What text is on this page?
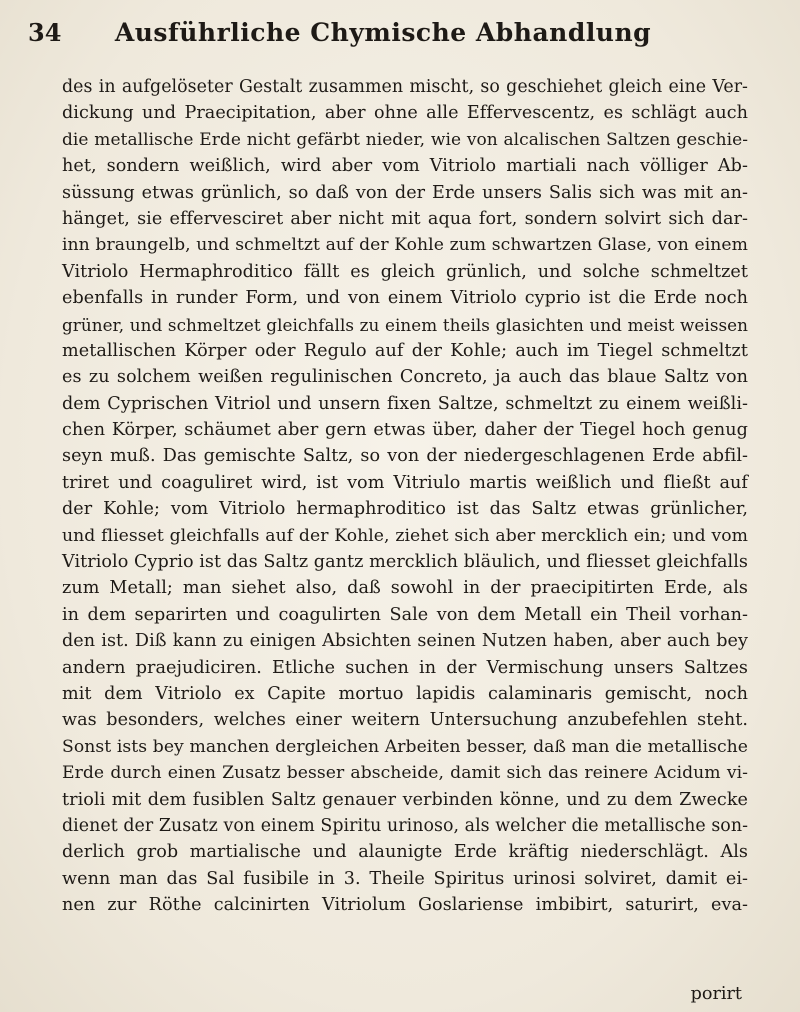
34	Ausführliche Chymische Abhandlung
des in aufgelöseter Gestalt zusammen mischt, so geschiehet gleich eine Ver-
dickung und Praecipitation, aber ohne alle Effervescentz, es schlägt auch
die metallische Erde nicht gefärbt nieder, wie von alcalischen Saltzen geschie-
het, sondern weißlich, wird aber vom Vitriolo martiali nach völliger Ab-
süssung etwas grünlich, so daß von der Erde unsers Salis sich was mit an-
hänget, sie effervesciret aber nicht mit aqua fort, sondern solvirt sich dar-
inn braungelb, und schmeltzt auf der Kohle zum schwartzen Glase, von einem
Vitriolo Hermaphroditico fällt es gleich grünlich, und solche schmeltzet
ebenfalls in runder Form, und von einem Vitriolo cyprio ist die Erde noch
grüner, und schmeltzet gleichfalls zu einem theils glasichten und meist weissen
metallischen Körper oder Regulo auf der Kohle; auch im Tiegel schmeltzt
es zu solchem weißen regulinischen Concreto, ja auch das blaue Saltz von
dem Cyprischen Vitriol und unsern fixen Saltze, schmeltzt zu einem weißli-
chen Körper, schäumet aber gern etwas über, daher der Tiegel hoch genug
seyn muß. Das gemischte Saltz, so von der niedergeschlagenen Erde abfil-
triret und coaguliret wird, ist vom Vitriulo martis weißlich und fließt auf
der Kohle; vom Vitriolo hermaphroditico ist das Saltz etwas grünlicher,
und fliesset gleichfalls auf der Kohle, ziehet sich aber mercklich ein; und vom
Vitriolo Cyprio ist das Saltz gantz mercklich bläulich, und fliesset gleichfalls
zum Metall; man siehet also, daß sowohl in der praecipitirten Erde, als
in dem separirten und coagulirten Sale von dem Metall ein Theil vorhan-
den ist. Diß kann zu einigen Absichten seinen Nutzen haben, aber auch bey
andern praejudiciren. Etliche suchen in der Vermischung unsers Saltzes
mit dem Vitriolo ex Capite mortuo lapidis calaminaris gemischt, noch
was besonders, welches einer weitern Untersuchung anzubefehlen steht.
Sonst ists bey manchen dergleichen Arbeiten besser, daß man die metallische
Erde durch einen Zusatz besser abscheide, damit sich das reinere Acidum vi-
trioli mit dem fusiblen Saltz genauer verbinden könne, und zu dem Zwecke
dienet der Zusatz von einem Spiritu urinoso, als welcher die metallische son-
derlich grob martialische und alaunigte Erde kräftig niederschlägt. Als
wenn man das Sal fusibile in 3. Theile Spiritus urinosi solviret, damit ei-
nen zur Röthe calcinirten Vitriolum Goslariense imbibirt, saturirt, eva-
porirt
